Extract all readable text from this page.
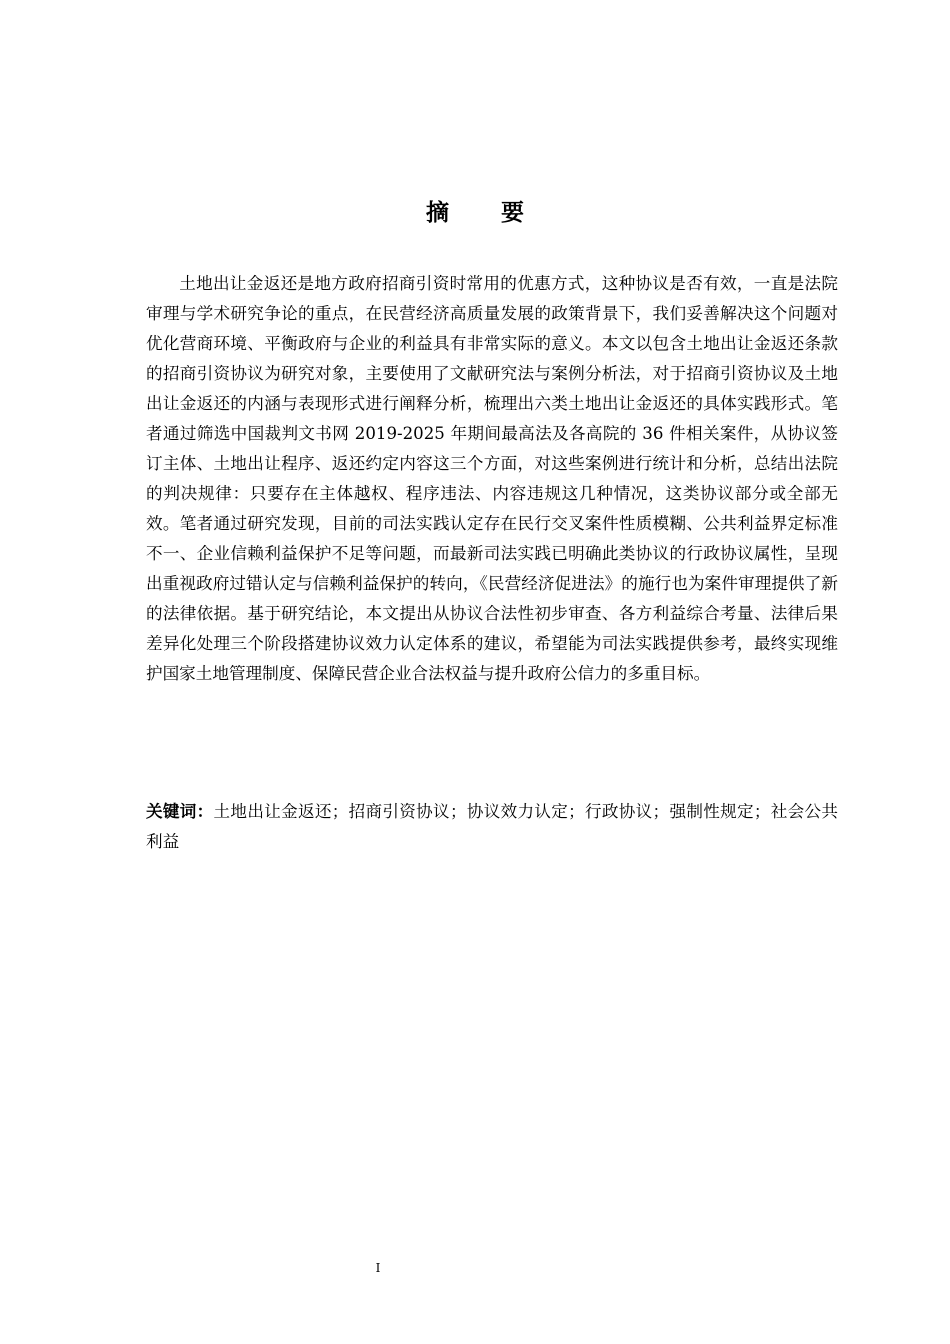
摘 要

土地出让金返还是地方政府招商引资时常用的优惠方式，这种协议是否有效，一直是法院审理与学术研究争论的重点，在民营经济高质量发展的政策背景下，我们妥善解决这个问题对优化营商环境、平衡政府与企业的利益具有非常实际的意义。本文以包含土地出让金返还条款的招商引资协议为研究对象，主要使用了文献研究法与案例分析法，对于招商引资协议及土地出让金返还的内涵与表现形式进行阐释分析，梳理出六类土地出让金返还的具体实践形式。笔者通过筛选中国裁判文书网 2019-2025 年期间最高法及各高院的 36 件相关案件，从协议签订主体、土地出让程序、返还约定内容这三个方面，对这些案例进行统计和分析，总结出法院的判决规律：只要存在主体越权、程序违法、内容违规这几种情况，这类协议部分或全部无效。笔者通过研究发现，目前的司法实践认定存在民行交叉案件性质模糊、公共利益界定标准不一、企业信赖利益保护不足等问题，而最新司法实践已明确此类协议的行政协议属性，呈现出重视政府过错认定与信赖利益保护的转向，《民营经济促进法》的施行也为案件审理提供了新的法律依据。基于研究结论，本文提出从协议合法性初步审查、各方利益综合考量、法律后果差异化处理三个阶段搭建协议效力认定体系的建议，希望能为司法实践提供参考，最终实现维护国家土地管理制度、保障民营企业合法权益与提升政府公信力的多重目标。

关键词：土地出让金返还；招商引资协议；协议效力认定；行政协议；强制性规定；社会公共利益

I
